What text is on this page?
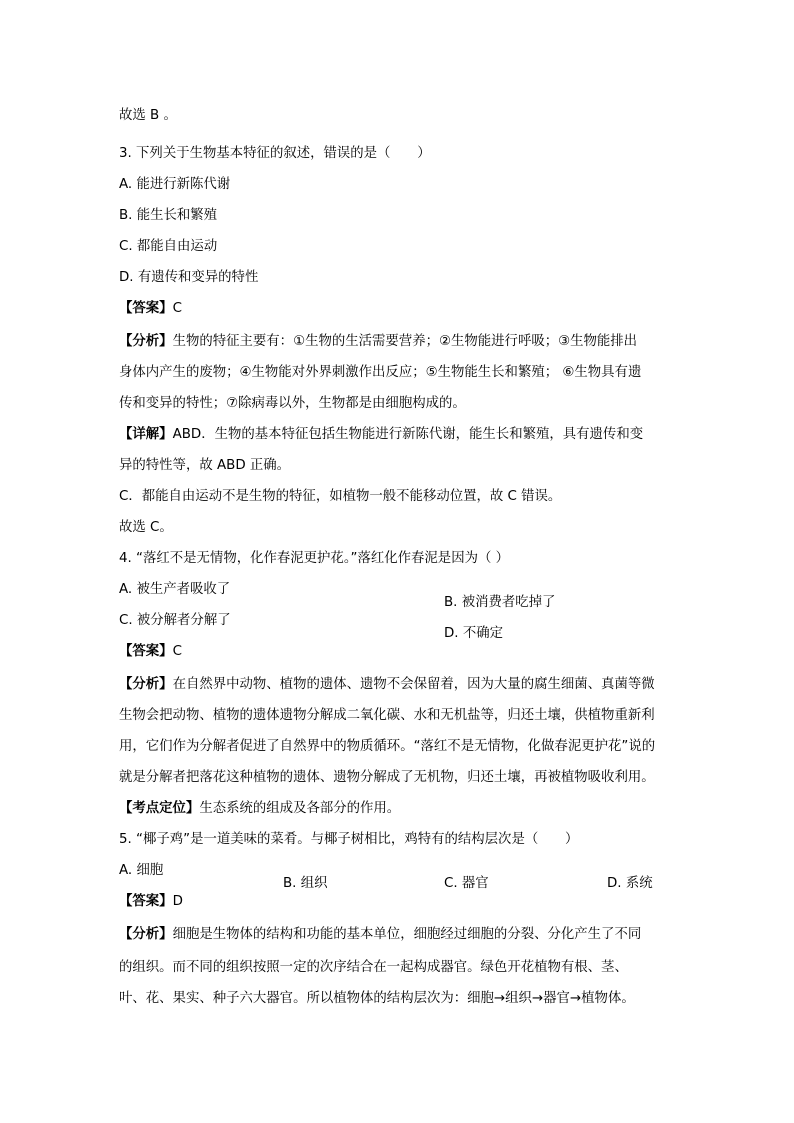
故选 B 。

3. 下列关于生物基本特征的叙述，错误的是（　　）

A. 能进行新陈代谢

B. 能生长和繁殖

C. 都能自由运动

D. 有遗传和变异的特性

【答案】C

【分析】生物的特征主要有：①生物的生活需要营养；②生物能进行呼吸；③生物能排出

身体内产生的废物；④生物能对外界刺激作出反应；⑤生物能生长和繁殖； ⑥生物具有遗

传和变异的特性；⑦除病毒以外，生物都是由细胞构成的。

【详解】ABD．生物的基本特征包括生物能进行新陈代谢，能生长和繁殖，具有遗传和变

异的特性等，故 ABD 正确。

C．都能自由运动不是生物的特征，如植物一般不能移动位置，故 C 错误。

故选 C。

4. “落红不是无情物，化作春泥更护花。”落红化作春泥是因为（ ）

A. 被生产者吸收了

B. 被消费者吃掉了

C. 被分解者分解了

D. 不确定

【答案】C

【分析】在自然界中动物、植物的遗体、遗物不会保留着，因为大量的腐生细菌、真菌等微

生物会把动物、植物的遗体遗物分解成二氧化碳、水和无机盐等，归还土壤，供植物重新利

用，它们作为分解者促进了自然界中的物质循环。“落红不是无情物，化做春泥更护花”说的

就是分解者把落花这种植物的遗体、遗物分解成了无机物，归还土壤，再被植物吸收利用。

【考点定位】生态系统的组成及各部分的作用。

5. “椰子鸡”是一道美味的菜肴。与椰子树相比，鸡特有的结构层次是（　　）

A. 细胞

B. 组织	C. 器官	D. 系统

【答案】D

【分析】细胞是生物体的结构和功能的基本单位，细胞经过细胞的分裂、分化产生了不同

的组织。而不同的组织按照一定的次序结合在一起构成器官。绿色开花植物有根、茎、

叶、花、果实、种子六大器官。所以植物体的结构层次为：细胞→组织→器官→植物体。
